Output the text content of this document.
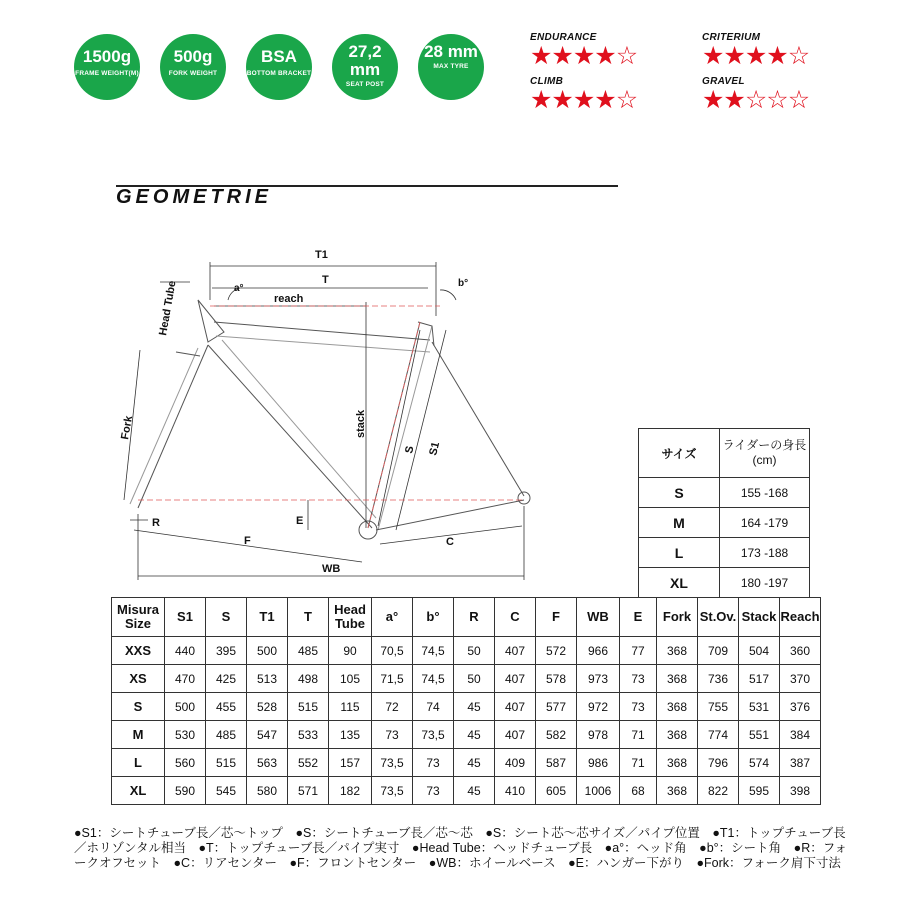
1500g
FRAME WEIGHT(M)
500g
FORK WEIGHT
BSA
BOTTOM BRACKET
27,2 mm
SEAT POST
28 mm
MAX TYRE
ENDURANCE
★★★★☆
CRITERIUM
★★★★☆
CLIMB
★★★★☆
GRAVEL
★★☆☆☆
GEOMETRIE
T1
T
reach
a°	b°
Head Tube
Fork	stack
S S1
E
R
F	C
WB
サイズ	ライダーの身長
(cm)
S	155 -168
M	164 -179
L	173 -188
XL	180 -197
Misura Size	S1	S	T1	T	Head Tube	a°	b°	R	C	F	WB	E	Fork	St.Ov.	Stack	Reach
XXS	440	395	500	485	90	70,5	74,5	50	407	572	966	77	368	709	504	360
XS	470	425	513	498	105	71,5	74,5	50	407	578	973	73	368	736	517	370
S	500	455	528	515	115	72	74	45	407	577	972	73	368	755	531	376
M	530	485	547	533	135	73	73,5	45	407	582	978	71	368	774	551	384
L	560	515	563	552	157	73,5	73	45	409	587	986	71	368	796	574	387
XL	590	545	580	571	182	73,5	73	45	410	605	1006	68	368	822	595	398
●S1：シートチューブ長／芯～トップ　●S：シートチューブ長／芯～芯　●S：シート芯～芯サイズ／パイプ位置　●T1：トップチューブ長／ホリゾンタル相当　●T：トップチューブ長／パイプ実寸　●Head Tube：ヘッドチューブ長　●a°：ヘッド角　●b°：シート角　●R：フォークオフセット　●C：リアセンター　●F：フロントセンター　●WB：ホイールベース　●E：ハンガー下がり　●Fork：フォーク肩下寸法
